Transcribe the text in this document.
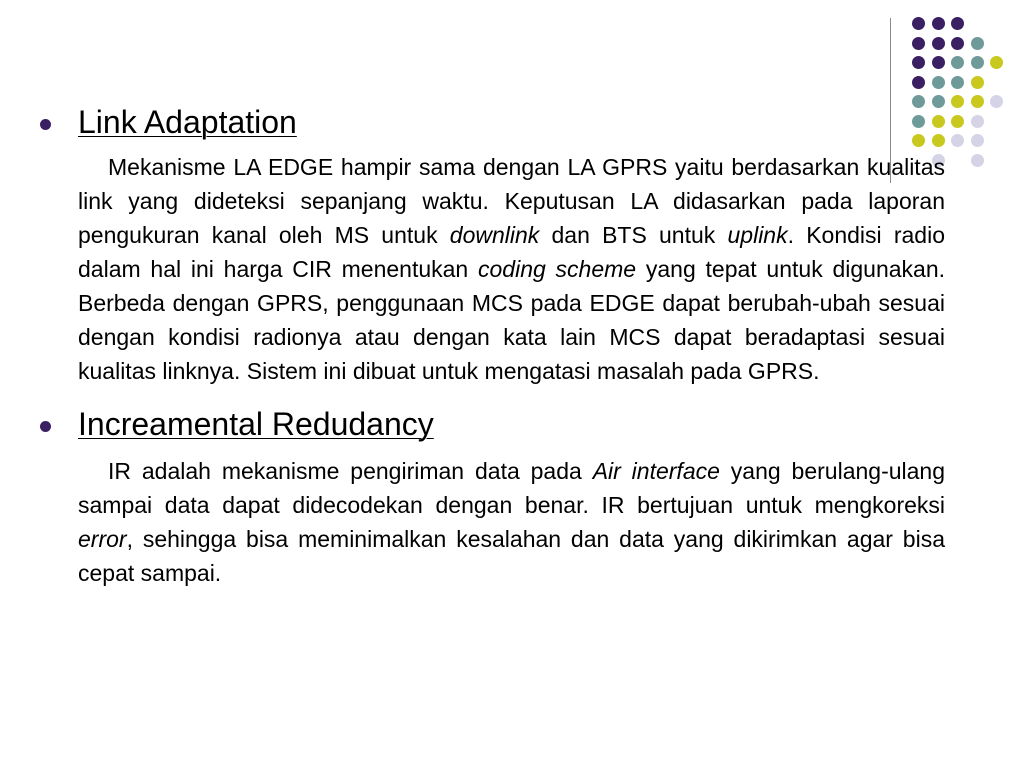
Link Adaptation

Mekanisme LA EDGE hampir sama dengan LA GPRS yaitu berdasarkan kualitas link yang dideteksi sepanjang waktu. Keputusan LA didasarkan pada laporan pengukuran kanal oleh MS untuk downlink dan BTS untuk uplink. Kondisi radio dalam hal ini harga CIR menentukan coding scheme yang tepat untuk digunakan. Berbeda dengan GPRS, penggunaan MCS pada EDGE dapat berubah-ubah sesuai dengan kondisi radionya atau dengan kata lain MCS dapat beradaptasi sesuai kualitas linknya. Sistem ini dibuat untuk mengatasi masalah pada GPRS.

Increamental Redudancy

IR adalah mekanisme pengiriman data pada Air interface yang berulang-ulang sampai data dapat didecodekan dengan benar. IR bertujuan untuk mengkoreksi error, sehingga bisa meminimalkan kesalahan dan data yang dikirimkan agar bisa cepat sampai.
